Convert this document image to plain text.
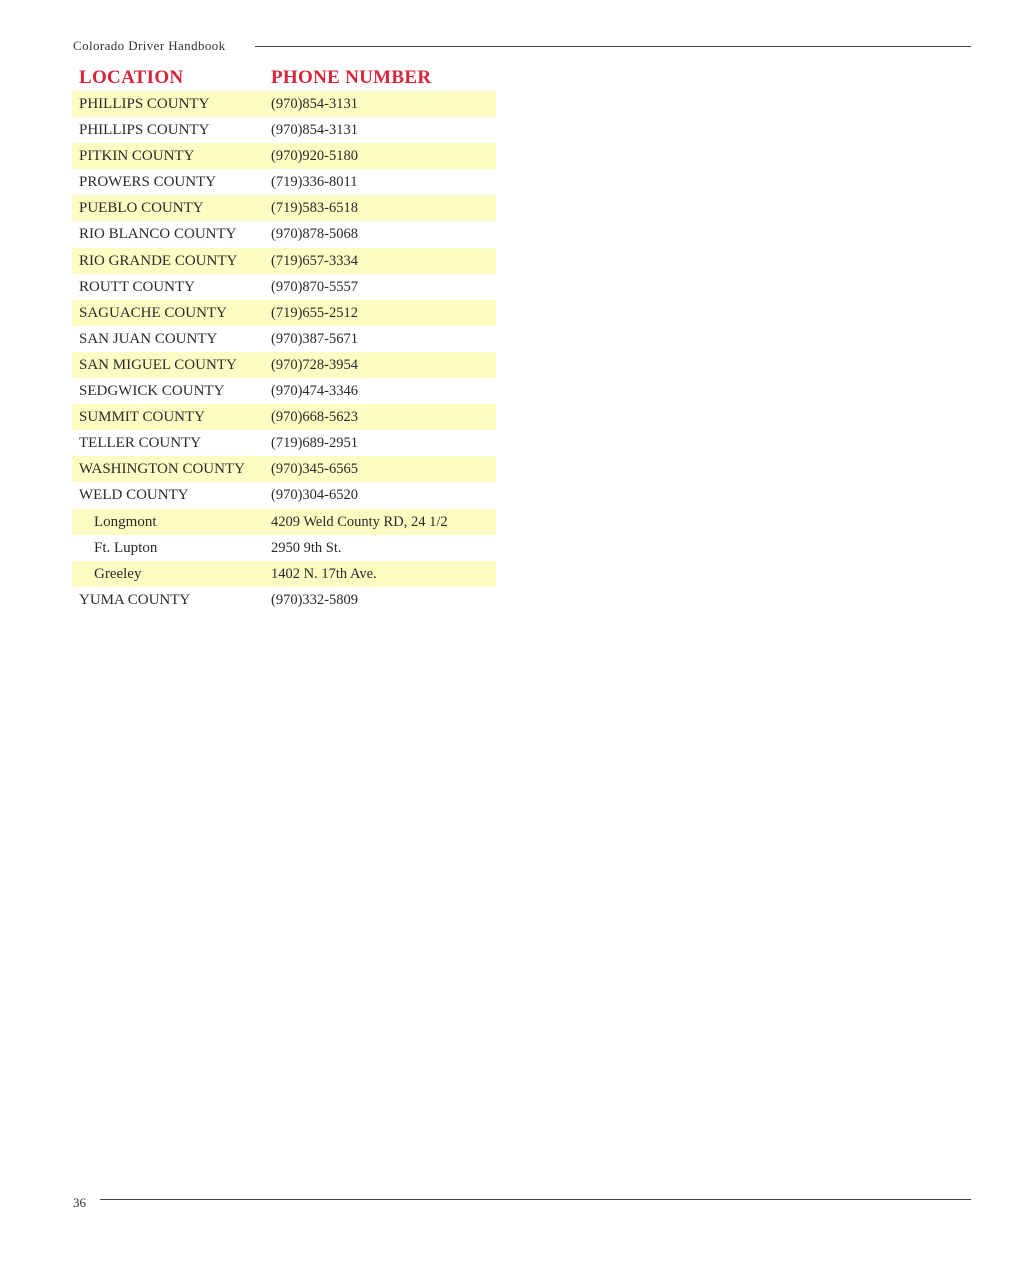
Colorado Driver Handbook
LOCATION	PHONE NUMBER
PHILLIPS COUNTY	(970)854-3131
PHILLIPS COUNTY	(970)854-3131
PITKIN COUNTY	(970)920-5180
PROWERS COUNTY	(719)336-8011
PUEBLO COUNTY	(719)583-6518
RIO BLANCO COUNTY (970)878-5068
RIO GRANDE COUNTY (719)657-3334
ROUTT COUNTY	(970)870-5557
SAGUACHE COUNTY	(719)655-2512
SAN JUAN COUNTY	(970)387-5671
SAN MIGUEL COUNTY (970)728-3954
SEDGWICK COUNTY	(970)474-3346
SUMMIT COUNTY	(970)668-5623
TELLER COUNTY	(719)689-2951
WASHINGTON COUNTY (970)345-6565
WELD COUNTY	(970)304-6520
Longmont	4209 Weld County RD, 24 1/2
Ft. Lupton	2950 9th St.
Greeley	1402 N. 17th Ave.
YUMA COUNTY	(970)332-5809
36
